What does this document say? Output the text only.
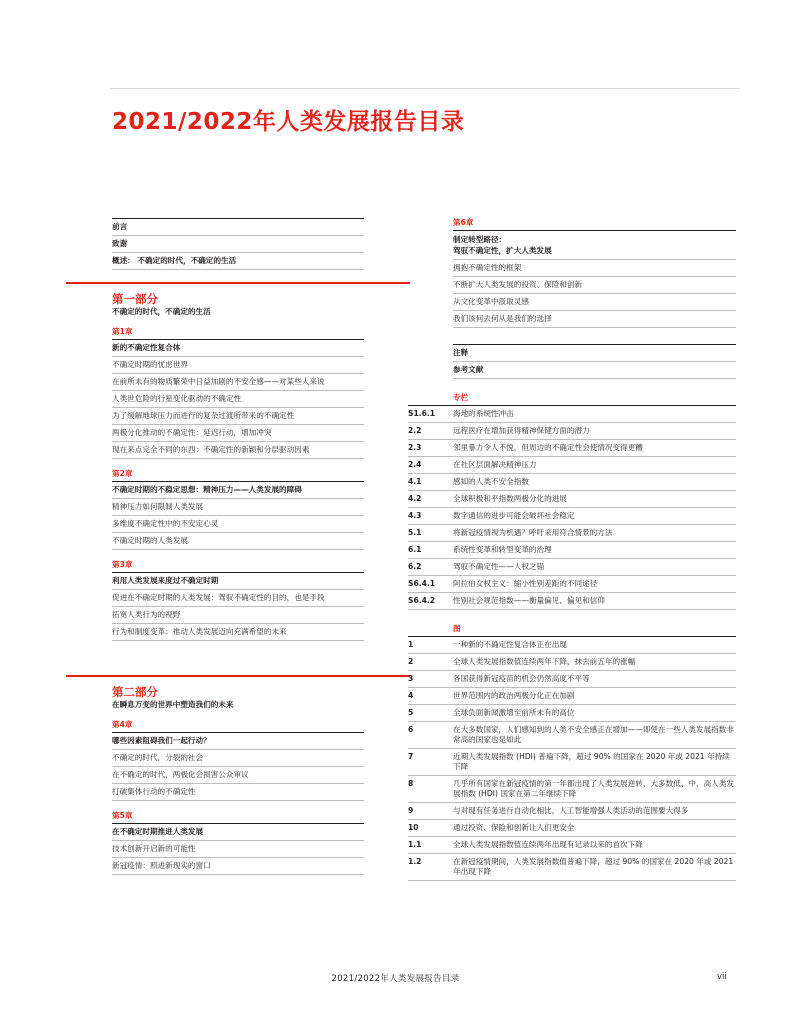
2021/2022年人类发展报告目录
前言
致谢
概述： 不确定的时代，不确定的生活
第一部分
不确定的时代，不确定的生活
第1章
新的不确定性复合体
不确定时期的忧虑世界
在前所未有的物质繁荣中日益加剧的不安全感——对某些人来说
人类世危险的行星变化驱动的不确定性
为了缓解地球压力而进行的复杂过渡所带来的不确定性
两极分化推动的不确定性：延迟行动，增加冲突
现在来点完全不同的东西：不确定性的新颖和分层驱动因素
第2章
不确定时期的不稳定思想：精神压力——人类发展的障碍
精神压力如何限制人类发展
多维度不确定性中的不安定心灵
不确定时期的人类发展
第3章
利用人类发展来度过不确定时期
促进在不确定时期的人类发展：驾驭不确定性的目的，也是手段
拓宽人类行为的视野
行为和制度变革：推动人类发展迈向充满希望的未来
第二部分
在瞬息万变的世界中塑造我们的未来
第4章
哪些因素阻碍我们一起行动？
不确定的时代，分裂的社会
在不确定的时代，两极化会损害公众审议
打破集体行动的不确定性
第5章
在不确定时期推进人类发展
技术创新开启新的可能性
新冠疫情：照进新现实的窗口
第6章
制定转型路径：
驾驭不确定性，扩大人类发展
拥抱不确定性的框架
不断扩大人类发展的投资、保险和创新
从文化变革中汲取灵感
我们该何去何从是我们的选择
注释
参考文献
专栏
S1.6.1 海地的系统性冲击
2.2	远程医疗在增加获得精神保健方面的潜力
2.3	邻里暴力令人不悦，但周边的不确定性会使情况变得更糟
2.4	在社区层面解决精神压力
4.1	感知的人类不安全指数
4.2	全球积极和平指数两极分化的进展
4.3	数字通信的进步可能会破坏社会稳定
5.1	将新冠疫情视为机遇？呼吁采用符合情景的方法
6.1	系统性变革和转型变革的治理
6.2	驾驭不确定性——人权之锚
S6.4.1 阿拉伯女权主义：缩小性别差距的不同途径
S6.4.2 性别社会规范指数——衡量偏见、偏见和信仰
图
1	一种新的不确定性复合体正在出现
2	全球人类发展指数值连续两年下降，抹去前五年的涨幅
3	各国获得新冠疫苗的机会仍然高度不平等
4	世界范围内的政治两极分化正在加剧
5	全球负面新闻激增至前所未有的高位
6	在大多数国家，人们感知到的人类不安全感正在增加——即使在一些人类发展指数非常高的国家也是如此
7	近期人类发展指数 (HDI) 普遍下降，超过 90% 的国家在 2020 年或 2021 年持续下降
8	几乎所有国家在新冠疫情的第一年都出现了人类发展逆转，大多数低、中、高人类发展指数 (HDI) 国家在第二年继续下降
9	与对现有任务进行自动化相比，人工智能增强人类活动的范围要大得多
10	通过投资、保险和创新让人们更安全
1.1	全球人类发展指数值连续两年出现有记录以来的首次下降
1.2	在新冠疫情期间，人类发展指数值普遍下降，超过 90% 的国家在 2020 年或 2021 年出现下降
2021/2022年人类发展报告目录	vii
